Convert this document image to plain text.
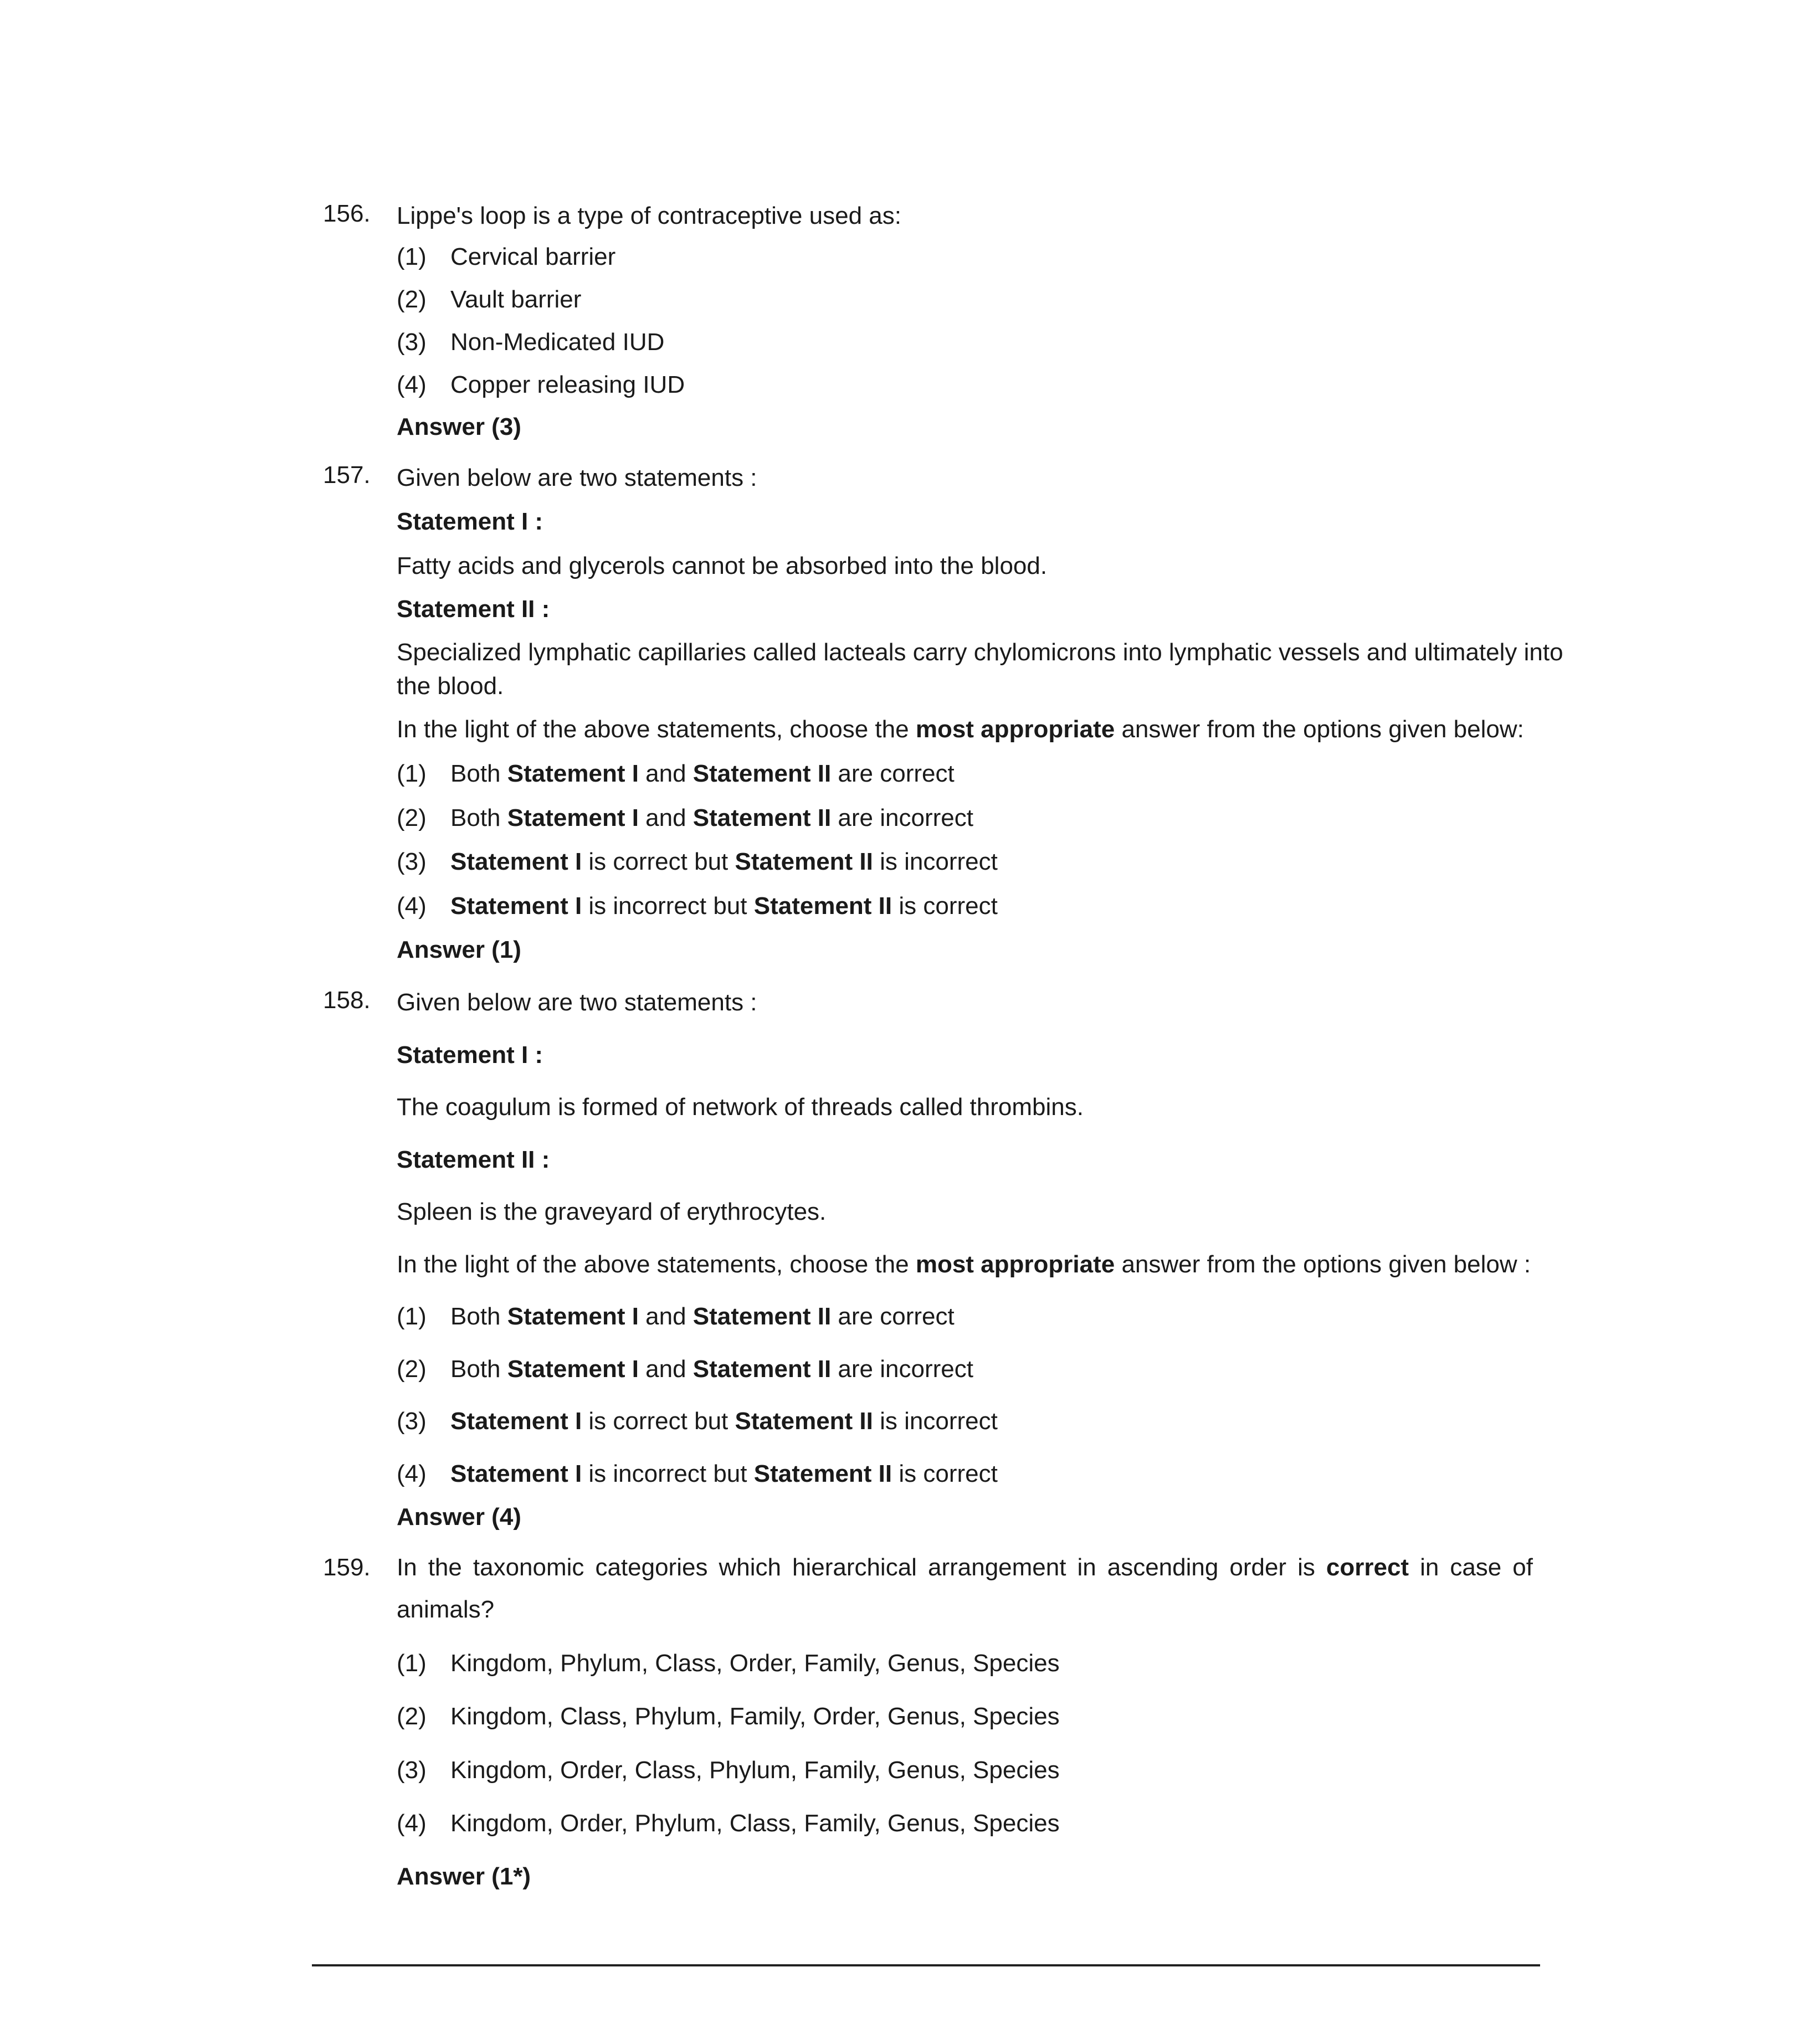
156. Lippe's loop is a type of contraceptive used as:
(1) Cervical barrier
(2) Vault barrier
(3) Non-Medicated IUD
(4) Copper releasing IUD
Answer (3)
157. Given below are two statements :
Statement I :
Fatty acids and glycerols cannot be absorbed into the blood.
Statement II :
Specialized lymphatic capillaries called lacteals carry chylomicrons into lymphatic vessels and ultimately into
the blood.
In the light of the above statements, choose the most appropriate answer from the options given below:
(1) Both Statement I and Statement II are correct
(2) Both Statement I and Statement II are incorrect
(3) Statement I is correct but Statement II is incorrect
(4) Statement I is incorrect but Statement II is correct
Answer (1)
158. Given below are two statements :
Statement I :
The coagulum is formed of network of threads called thrombins.
Statement II :
Spleen is the graveyard of erythrocytes.
In the light of the above statements, choose the most appropriate answer from the options given below :
(1) Both Statement I and Statement II are correct
(2) Both Statement I and Statement II are incorrect
(3) Statement I is correct but Statement II is incorrect
(4) Statement I is incorrect but Statement II is correct
Answer (4)
159. In the taxonomic categories which hierarchical arrangement in ascending order is correct in case of
animals?
(1) Kingdom, Phylum, Class, Order, Family, Genus, Species
(2) Kingdom, Class, Phylum, Family, Order, Genus, Species
(3) Kingdom, Order, Class, Phylum, Family, Genus, Species
(4) Kingdom, Order, Phylum, Class, Family, Genus, Species
Answer (1*)
